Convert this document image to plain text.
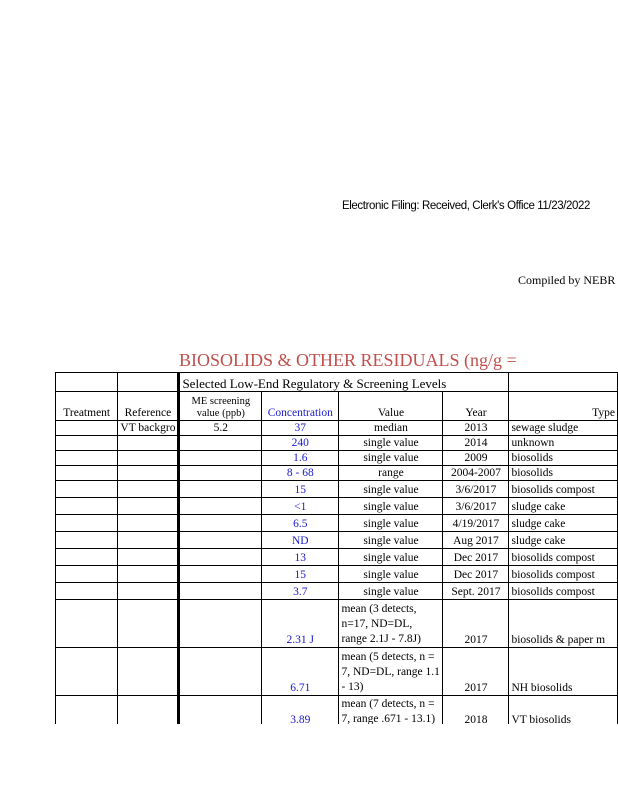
Electronic Filing: Received, Clerk's Office 11/23/2022
Compiled by NEBR
BIOSOLIDS & OTHER RESIDUALS (ng/g =
		Selected Low-End Regulatory & Screening Levels				
Treatment	Reference	ME screening value (ppb)	Concentration	Value	Year	Type
	VT backgro	5.2	37	median	2013	sewage sludge
			240	single value	2014	unknown
			1.6	single value	2009	biosolids
			8 - 68	range	2004-2007	biosolids
			15	single value	3/6/2017	biosolids compost
			<1	single value	3/6/2017	sludge cake
			6.5	single value	4/19/2017	sludge cake
			ND	single value	Aug 2017	sludge cake
			13	single value	Dec 2017	biosolids compost
			15	single value	Dec 2017	biosolids compost
			3.7	single value	Sept. 2017	biosolids compost
			2.31 J	mean (3 detects, n=17, ND=DL, range 2.1J - 7.8J)	2017	biosolids & paper m
			6.71	mean (5 detects, n = 7, ND=DL, range 1.1 - 13)	2017	NH biosolids
			3.89	mean (7 detects, n = 7, range .671 - 13.1)	2018	VT biosolids
